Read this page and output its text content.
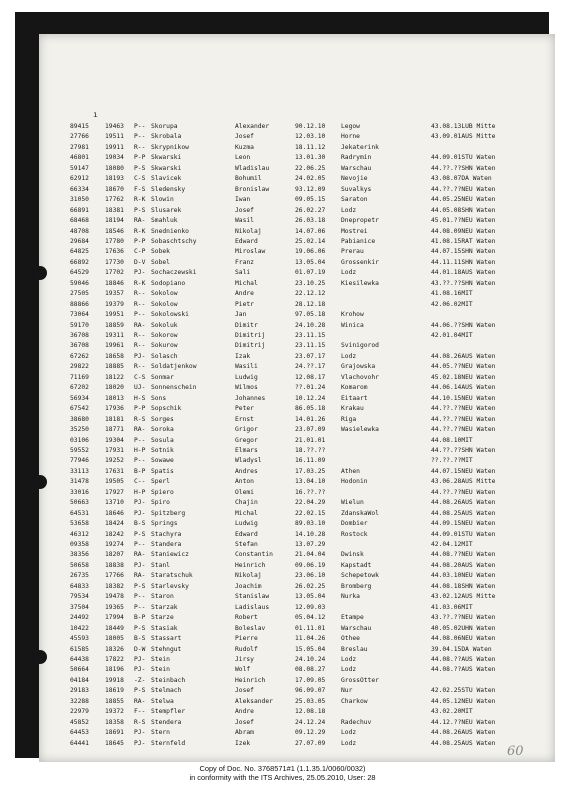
ı
89415	19463 P-- Skorupa	Alexander	90.12.10 Legow	43.08.13LUB Mitte
27766	19511 P-- Skrobala	Josef	12.03.10 Horne	43.09.01AUS Mitte
27981	19911 R-- Skrypnikow	Kuzma	18.11.12 Jekaterink
46801	19034 P-P Skwarski	Leon	13.01.30 Radrymin	44.09.01STU Waten
59147	18080 P-S Skwarski	Wladislau	22.06.25 Warschau	44.??.??SHN Waten
62912	18193 C-S Slavicek	Bohumil	24.02.05 Nevojie	43.08.07DA Waten
66334	18670 F-S Sledensky	Bronislaw	93.12.09 Suvalkys	44.??.??NEU Waten
31050	17762 R-K Slowin	Iwan	09.05.15 Saraton	44.05.25NEU Waten
66891	18381 P-S Slusarek	Josef	26.02.27 Lodz	44.05.08SHN Waten
68468	18194 RA- Smahluk	Wasil	26.03.18 Dnepropetr	45.01.??NEU Waten
48708	18546 R-K Snednienko	Nikolaj	14.07.06 Mostrei	44.08.09NEU Waten
29684	17780 P-P Sobaschtschy	Edward	25.02.14 Pabianice	41.08.15RAT Waten
64825	17636 C-P Sobek	Miroslaw	19.06.06 Prerau	44.07.15SHN Waten
66892	17730 D-V Sobel	Franz	13.05.04 Grossenkir	44.11.11SHN Waten
64529	17702 PJ- Sochaczewski	Sali	01.07.19 Lodz	44.01.18AUS Waten
59046	18846 R-K Sodopiano	Michal	23.10.25 Kiesilewka	43.??.??SHN Waten
27505	19357 R-- Sokolow	Andre	22.12.12	41.08.16MIT
88866	19379 R-- Sokolow	Pietr	28.12.18	42.06.02MIT
73064	19951 P-- Sokolowski	Jan	97.05.18 Krohow
59170	18859 RA- Sokoluk	Dimitr	24.10.28 Winica	44.06.??SHN Waten
36708	19311 R-- Sokorow	Dimitrij	23.11.15	42.01.04MIT
36708	19961 R-- Sokurow	Dimitrij	23.11.15 Svinigorod
67262	18658 PJ- Solasch	Izak	23.07.17 Lodz	44.08.26AUS Waten
29822	18885 R-- Soldatjenkow	Wasili	24.??.17 Grajowska	44.05.??NEU Waten
71169	18122 C-S Sonmar	Ludwig	12.08.17 Vlachovohr	45.02.18NEU Waten
67202	18020 UJ- Sonnenschein	Wilmos	??.01.24 Komarom	44.06.14AUS Waten
56934	18013 H-S Sons	Johannes	10.12.24 Eitaart	44.10.15NEU Waten
67542	17936 P-P Sopschik	Peter	86.05.18 Krakau	44.??.??NEU Waten
38680	18181 R-S Sorges	Ernst	14.01.26 Riga	44.??.??NEU Waten
35250	18771 RA- Soroka	Grigor	23.07.09 Wasielewka	44.??.??NEU Waten
03106	19304 P-- Sosula	Gregor	21.01.01	44.08.10MIT
59552	17931 H-P Sotnik	Elmars	18.??.??	44.??.??SHN Waten
77946	19252 P-- Sowawe	Wladysl	16.11.09	??.??.??MIT
33113	17631 B-P Spatis	Andres	17.03.25 Athen	44.07.15NEU Waten
31478	19505 C-- Sperl	Anton	13.04.10 Hodonin	43.06.28AUS Mitte
33016	17927 H-P Spiero	Olemi	16.??.??	44.??.??NEU Waten
50663	13710 PJ- Spiro	Chajin	22.04.29 Wielun	44.08.26AUS Waten
64531	18646 PJ- Spitzberg	Michal	22.02.15 ZdanskaWol	44.08.25AUS Waten
53658	18424 B-S Springs	Ludwig	89.03.10 Dombier	44.09.15NEU Waten
46312	18242 P-S Stachyra	Edward	14.10.28 Rostock	44.09.01STU Waten
09358	19274 P-- Standera	Stefan	13.07.29	42.04.12MIT
38356	18207 RA- Staniewicz	Constantin	21.04.04 Dwinsk	44.08.??NEU Waten
50658	18838 PJ- Stanl	Heinrich	09.06.19 Kapstadt	44.08.20AUS Waten
26735	17766 RA- Staratschuk	Nikolaj	23.06.10 Schepetowk	44.03.10NEU Waten
64833	18382 P-S Starlevsky	Joachim	26.02.25 Bromberg	44.08.18SHN Waten
79534	19478 P-- Staron	Stanislaw	13.05.04 Nurka	43.02.12AUS Mitte
37504	19365 P-- Starzak	Ladislaus	12.09.03	41.03.06MIT
24492	17994 B-P Starze	Robert	05.04.12 Etampe	43.??.??NEU Waten
10422	18449 P-S Stasiak	Boleslav	01.11.01 Warschau	40.05.02UHN Waten
45593	18005 B-S Stassart	Pierre	11.04.26 Othee	44.08.06NEU Waten
61585	18326 D-W Stehngut	Rudolf	15.05.04 Breslau	39.04.15DA Waten
64438	17822 PJ- Stein	Jirsy	24.10.24 Lodz	44.08.??AUS Waten
50664	18196 PJ- Stein	Wolf	08.08.27 Lodz	44.08.??AUS Waten
04184	19918 -Z- Steinbach	Heinrich	17.09.05 GrossOtter
29183	18619 P-S Stelmach	Josef	96.09.07 Nur	42.02.25STU Waten
32288	18855 RA- Stelwa	Aleksander	25.03.05 Charkow	44.05.12NEU Waten
22979	19372 F-- Stempfler	Andre	12.08.18	43.02.20MIT
45852	18358 R-S Stendera	Josef	24.12.24 Radechuv	44.12.??NEU Waten
64453	18691 PJ- Stern	Abram	09.12.29 Lodz	44.08.26AUS Waten
64441	18645 PJ- Sternfeld	Izek	27.07.09 Lodz	44.08.25AUS Waten
60
Copy of Doc. No. 3768571#1 (1.1.35.1/0060/0032)
in conformity with the ITS Archives, 25.05.2010, User: 28
